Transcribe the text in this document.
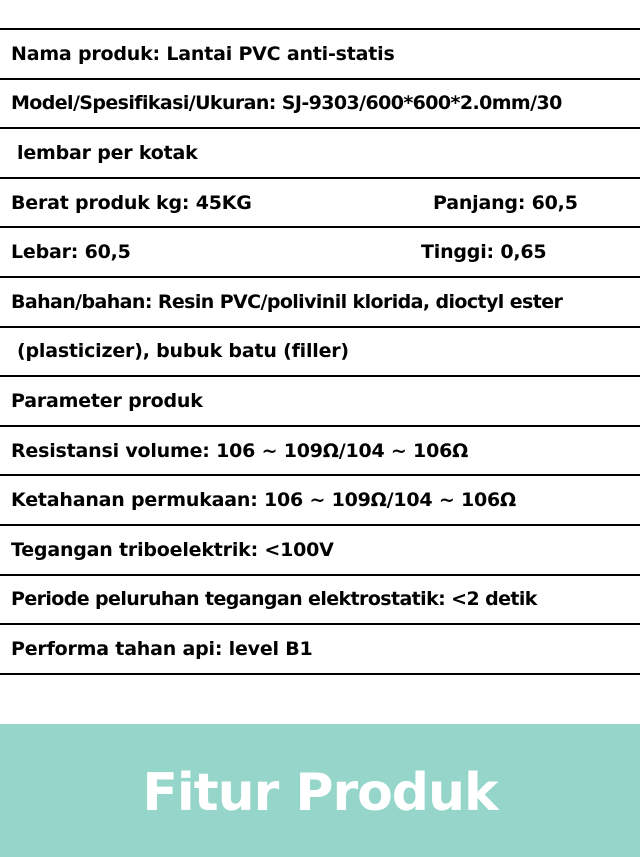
Nama produk: Lantai PVC anti-statis
Model/Spesifikasi/Ukuran: SJ-9303/600*600*2.0mm/30
lembar per kotak
Berat produk kg: 45KG	Panjang: 60,5
Lebar: 60,5	Tinggi: 0,65
Bahan/bahan: Resin PVC/polivinil klorida, dioctyl ester
(plasticizer), bubuk batu (filler)
Parameter produk
Resistansi volume: 106 ~ 109Ω/104 ~ 106Ω
Ketahanan permukaan: 106 ~ 109Ω/104 ~ 106Ω
Tegangan triboelektrik: <100V
Periode peluruhan tegangan elektrostatik: <2 detik
Performa tahan api: level B1
Fitur Produk
